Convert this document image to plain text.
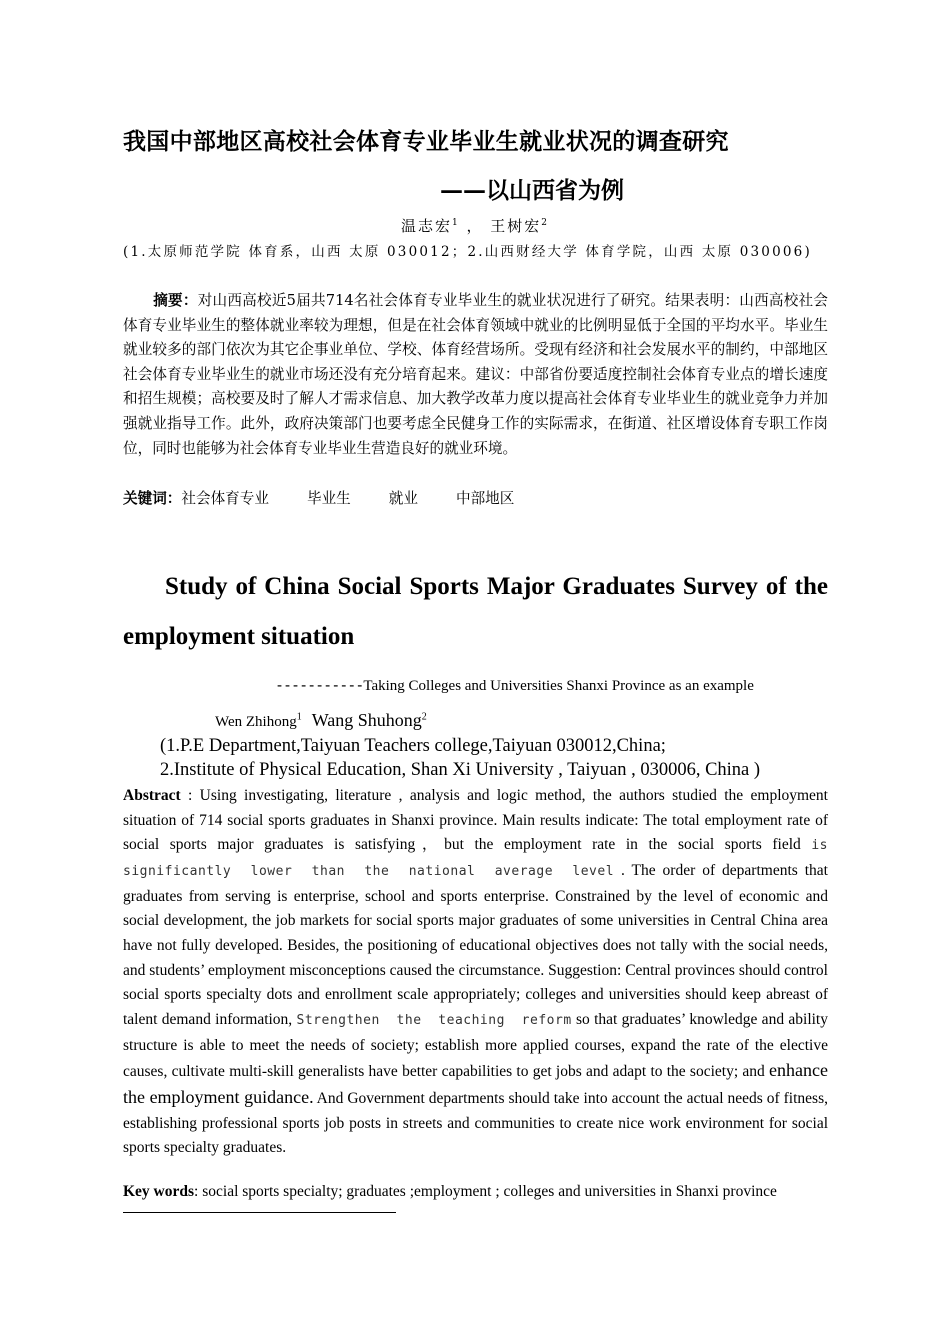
我国中部地区高校社会体育专业毕业生就业状况的调查研究
——以山西省为例
温志宏$^1$ ， 王树宏$^2$
(1.太原师范学院 体育系，山西 太原 030012；2.山西财经大学 体育学院，山西 太原 030006)
摘要：对山西高校近5届共714名社会体育专业毕业生的就业状况进行了研究。结果表明：山西高校社会体育专业毕业生的整体就业率较为理想，但是在社会体育领域中就业的比例明显低于全国的平均水平。毕业生就业较多的部门依次为其它企事业单位、学校、体育经营场所。受现有经济和社会发展水平的制约，中部地区社会体育专业毕业生的就业市场还没有充分培育起来。建议：中部省份要适度控制社会体育专业点的增长速度和招生规模；高校要及时了解人才需求信息、加大教学改革力度以提高社会体育专业毕业生的就业竞争力并加强就业指导工作。此外，政府决策部门也要考虑全民健身工作的实际需求，在街道、社区增设体育专职工作岗位，同时也能够为社会体育专业毕业生营造良好的就业环境。
关键词：社会体育专业	毕业生	就业	中部地区
Study of China Social Sports Major Graduates Survey of the employment situation
-----------Taking Colleges and Universities Shanxi Province as an example
Wen Zhihong$^1$ Wang Shuhong$^2$
(1.P.E Department,Taiyuan Teachers college,Taiyuan 030012,China;
2.Institute of Physical Education, Shan Xi University , Taiyuan , 030006, China )
Abstract : Using investigating, literature , analysis and logic method, the authors studied the employment situation of 714 social sports graduates in Shanxi province. Main results indicate: The total employment rate of social sports major graduates is satisfying，but the employment rate in the social sports field is significantly lower than the national average level . The order of departments that graduates from serving is enterprise, school and sports enterprise. Constrained by the level of economic and social development, the job markets for social sports major graduates of some universities in Central China area have not fully developed. Besides, the positioning of educational objectives does not tally with the social needs, and students’ employment misconceptions caused the circumstance. Suggestion: Central provinces should control social sports specialty dots and enrollment scale appropriately; colleges and universities should keep abreast of talent demand information, Strengthen the teaching reform so that graduates’ knowledge and ability structure is able to meet the needs of society; establish more applied courses, expand the rate of the elective causes, cultivate multi-skill generalists have better capabilities to get jobs and adapt to the society; and enhance the employment guidance. And Government departments should take into account the actual needs of fitness, establishing professional sports job posts in streets and communities to create nice work environment for social sports specialty graduates.
Key words: social sports specialty; graduates ;employment ; colleges and universities in Shanxi province
